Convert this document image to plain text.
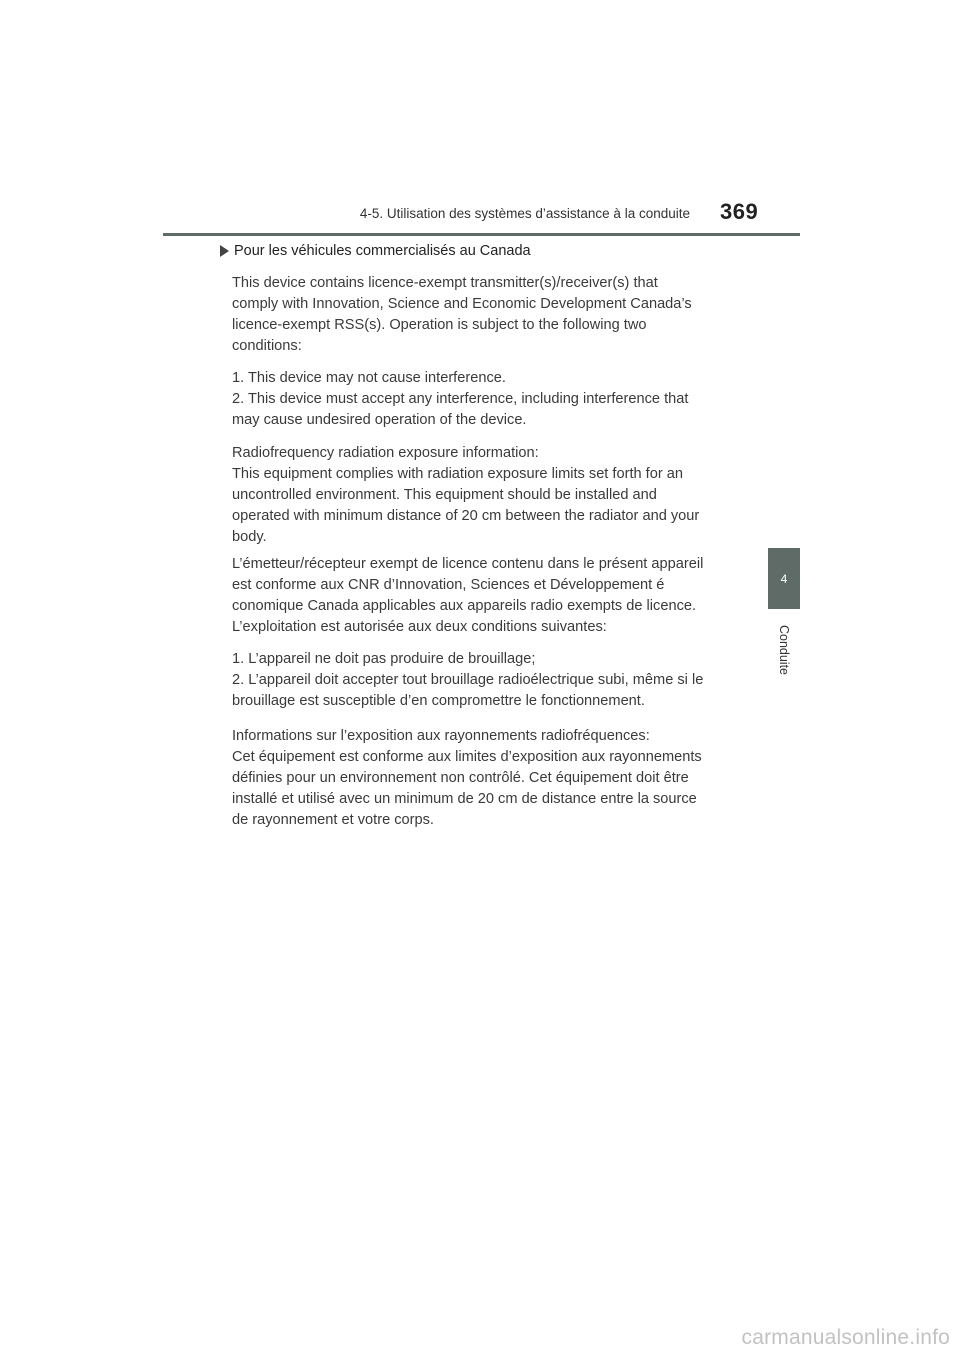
4-5. Utilisation des systèmes d’assistance à la conduite 369
Pour les véhicules commercialisés au Canada

This device contains licence-exempt transmitter(s)/receiver(s) that
comply with Innovation, Science and Economic Development Canada’s
licence-exempt RSS(s). Operation is subject to the following two
conditions:

1. This device may not cause interference.
2. This device must accept any interference, including interference that
may cause undesired operation of the device.

Radiofrequency radiation exposure information:
This equipment complies with radiation exposure limits set forth for an
uncontrolled environment. This equipment should be installed and
operated with minimum distance of 20 cm between the radiator and your
body.

L’émetteur/récepteur exempt de licence contenu dans le présent appareil
est conforme aux CNR d’Innovation, Sciences et Développement é
conomique Canada applicables aux appareils radio exempts de licence.
L’exploitation est autorisée aux deux conditions suivantes:

1. L’appareil ne doit pas produire de brouillage;
2. L’appareil doit accepter tout brouillage radioélectrique subi, même si le
brouillage est susceptible d’en compromettre le fonctionnement.

Informations sur l’exposition aux rayonnements radiofréquences:
Cet équipement est conforme aux limites d’exposition aux rayonnements
définies pour un environnement non contrôlé. Cet équipement doit être
installé et utilisé avec un minimum de 20 cm de distance entre la source
de rayonnement et votre corps.

4
Conduite
carmanualsonline.info
